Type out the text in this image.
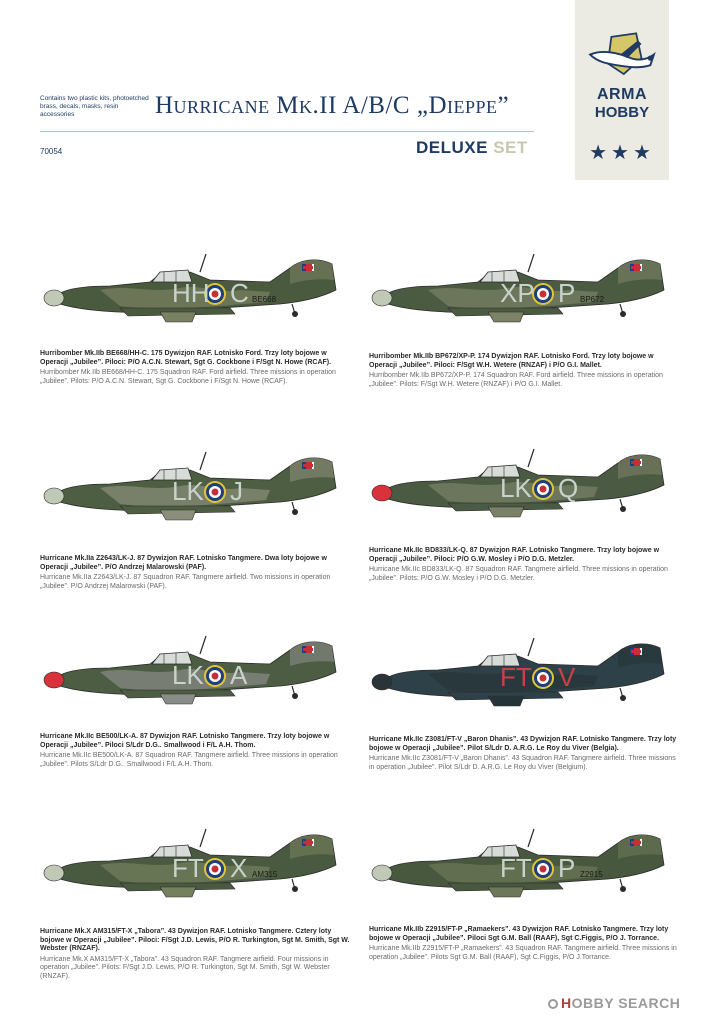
Contains two plastic kits, photoetched brass, decals, masks, resin accessories	Hurricane Mk.II A/B/C „Dieppe”
70054	DELUXE SET
ARMA
HOBBY
★★★
HH C BE668
Hurribomber Mk.IIb BE668/HH-C. 175 Dywizjon RAF. Lotnisko Ford. Trzy loty bojowe w Operacji „Jubilee”. Piloci: P/O A.C.N. Stewart, Sgt G. Cockbone i F/Sgt N. Howe (RCAF).
Hurribomber Mk.IIb BE668/HH-C. 175 Squadron RAF. Ford airfield. Three missions in operation „Jubilee”. Pilots: P/O A.C.N. Stewart, Sgt G. Cockbone i F/Sgt N. Howe (RCAF).
XP P BP672
Hurribomber Mk.IIb BP672/XP-P. 174 Dywizjon RAF. Lotnisko Ford. Trzy loty bojowe w Operacji „Jubilee”. Piloci: F/Sgt W.H. Wetere (RNZAF) i P/O G.I. Mallet.
Hurribomber Mk.IIb BP672/XP-P. 174 Squadron RAF. Ford airfield. Three missions in operation „Jubilee”. Pilots: F/Sgt W.H. Wetere (RNZAF) i P/O G.I. Mallet.
LK J
Hurricane Mk.IIa Z2643/LK-J. 87 Dywizjon RAF. Lotnisko Tangmere. Dwa loty bojowe w Operacji „Jubilee”. P/O Andrzej Malarowski (PAF).
Hurricane Mk.IIa Z2643/LK-J. 87 Squadron RAF. Tangmere airfield. Two missions in operation „Jubilee”. P/O Andrzej Malarowski (PAF).
LK Q
Hurricane Mk.IIc BD833/LK-Q. 87 Dywizjon RAF. Lotnisko Tangmere. Trzy loty bojowe w Operacji „Jubilee”. Piloci: P/O G.W. Mosley i P/O D.G. Metzler.
Hurricane Mk.IIc BD833/LK-Q. 87 Squadron RAF. Tangmere airfield. Three missions in operation „Jubilee”. Pilots: P/O G.W. Mosley i P/O D.G. Metzler.
LK A
Hurricane Mk.IIc BE500/LK-A. 87 Dywizjon RAF. Lotnisko Tangmere. Trzy loty bojowe w Operacji „Jubilee”. Piloci S/Ldr D.G.. Smallwood i F/L A.H. Thom.
Hurricane Mk.IIc BE500/LK-A. 87 Squadron RAF. Tangmere airfield. Three missions in operation „Jubilee”. Pilots S/Ldr D.G.. Smallwood i F/L A.H. Thom.
FT V
Hurricane Mk.IIc Z3081/FT-V „Baron Dhanis”. 43 Dywizjon RAF. Lotnisko Tangmere. Trzy loty bojowe w Operacji „Jubilee”. Pilot S/Ldr D. A.R.G. Le Roy du Viver (Belgia).
Hurricane Mk.IIc Z3081/FT-V „Baron Dhanis”. 43 Squadron RAF. Tangmere airfield. Three missions in operation „Jubilee”. Pilot S/Ldr D. A.R.G. Le Roy du Viver (Belgium).
FT X AM315
Hurricane Mk.X AM315/FT-X „Tabora”. 43 Dywizjon RAF. Lotnisko Tangmere. Cztery loty bojowe w Operacji „Jubilee”. Piloci: F/Sgt J.D. Lewis, P/O R. Turkington, Sgt M. Smith, Sgt W. Webster (RNZAF).
Hurricane Mk.X AM315/FT-X „Tabora”. 43 Squadron RAF. Tangmere airfield. Four missions in operation „Jubilee”. Pilots: F/Sgt J.D. Lewis, P/O R. Turkington, Sgt M. Smith, Sgt W. Webster (RNZAF).
FT P Z2915
Hurricane Mk.IIb Z2915/FT-P „Ramaekers”. 43 Dywizjon RAF. Lotnisko Tangmere. Trzy loty bojowe w Operacji „Jubilee”. Piloci Sgt G.M. Ball (RAAF), Sgt C.Figgis, P/O J. Torrance.
Hurricane Mk.IIb Z2915/FT-P „Ramaekers”. 43 Squadron RAF. Tangmere airfield. Three missions in operation „Jubilee”. Pilots Sgt G.M. Ball (RAAF), Sgt C.Figgis, P/O J.Torrance.
HOBBY SEARCH
